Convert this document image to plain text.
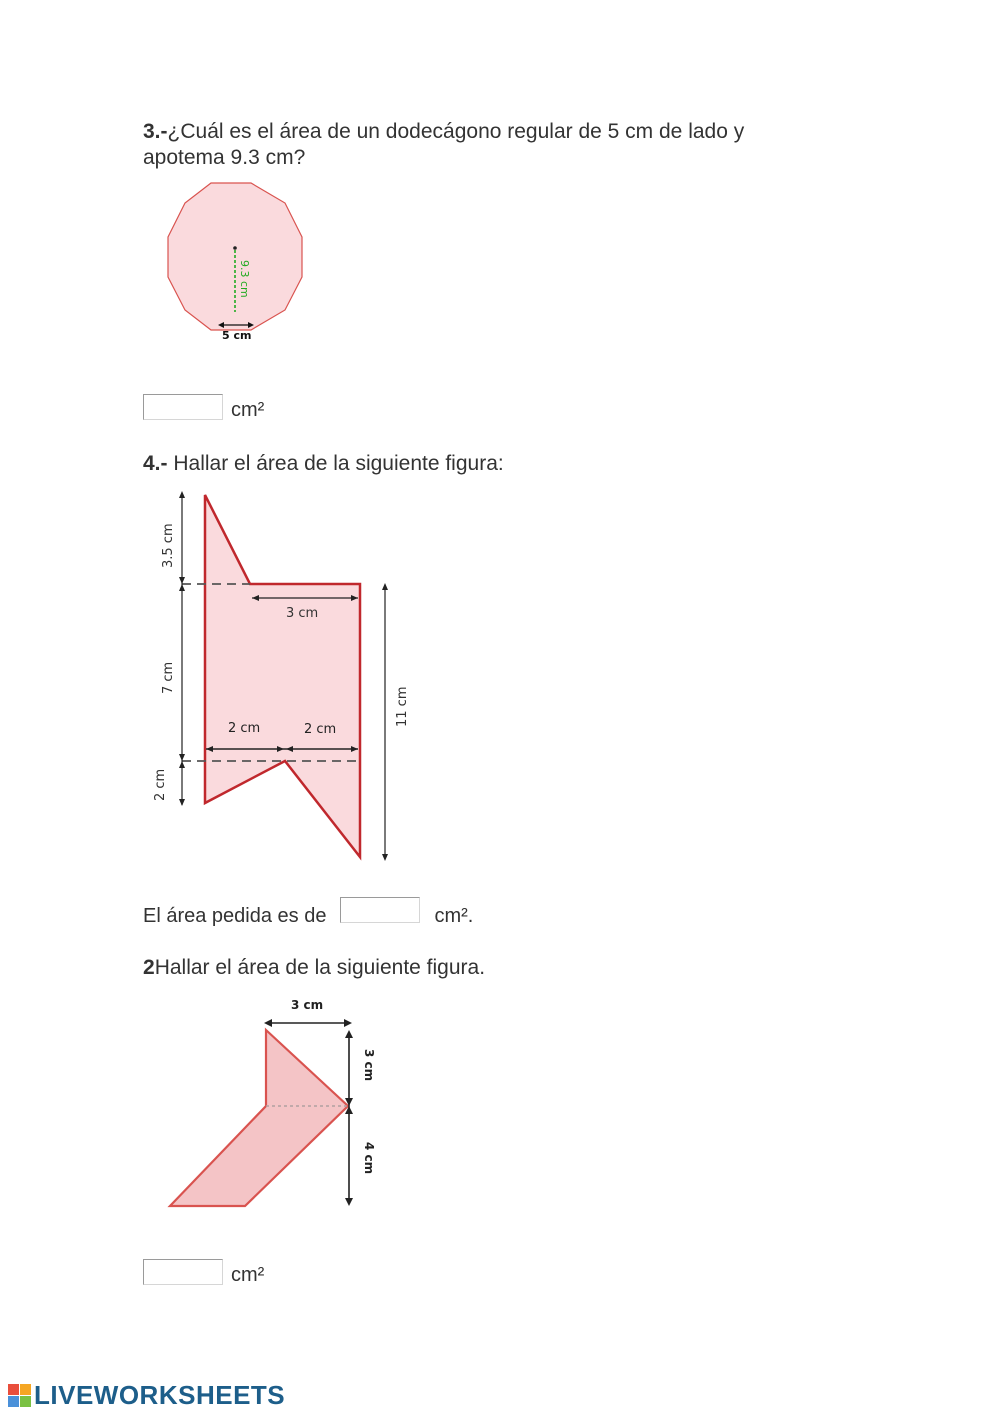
3.-¿Cuál es el área de un dodecágono regular de 5 cm de lado y
apotema 9.3 cm?

9.3 cm
5 cm
cm²

4.- Hallar el área de la siguiente figura:

3.5 cm
7 cm
2 cm
3 cm
2 cm	2 cm
11 cm
El área pedida es de	cm².

2Hallar el área de la siguiente figura.

3 cm
3 cm
4 cm
cm²
LIVEWORKSHEETS
